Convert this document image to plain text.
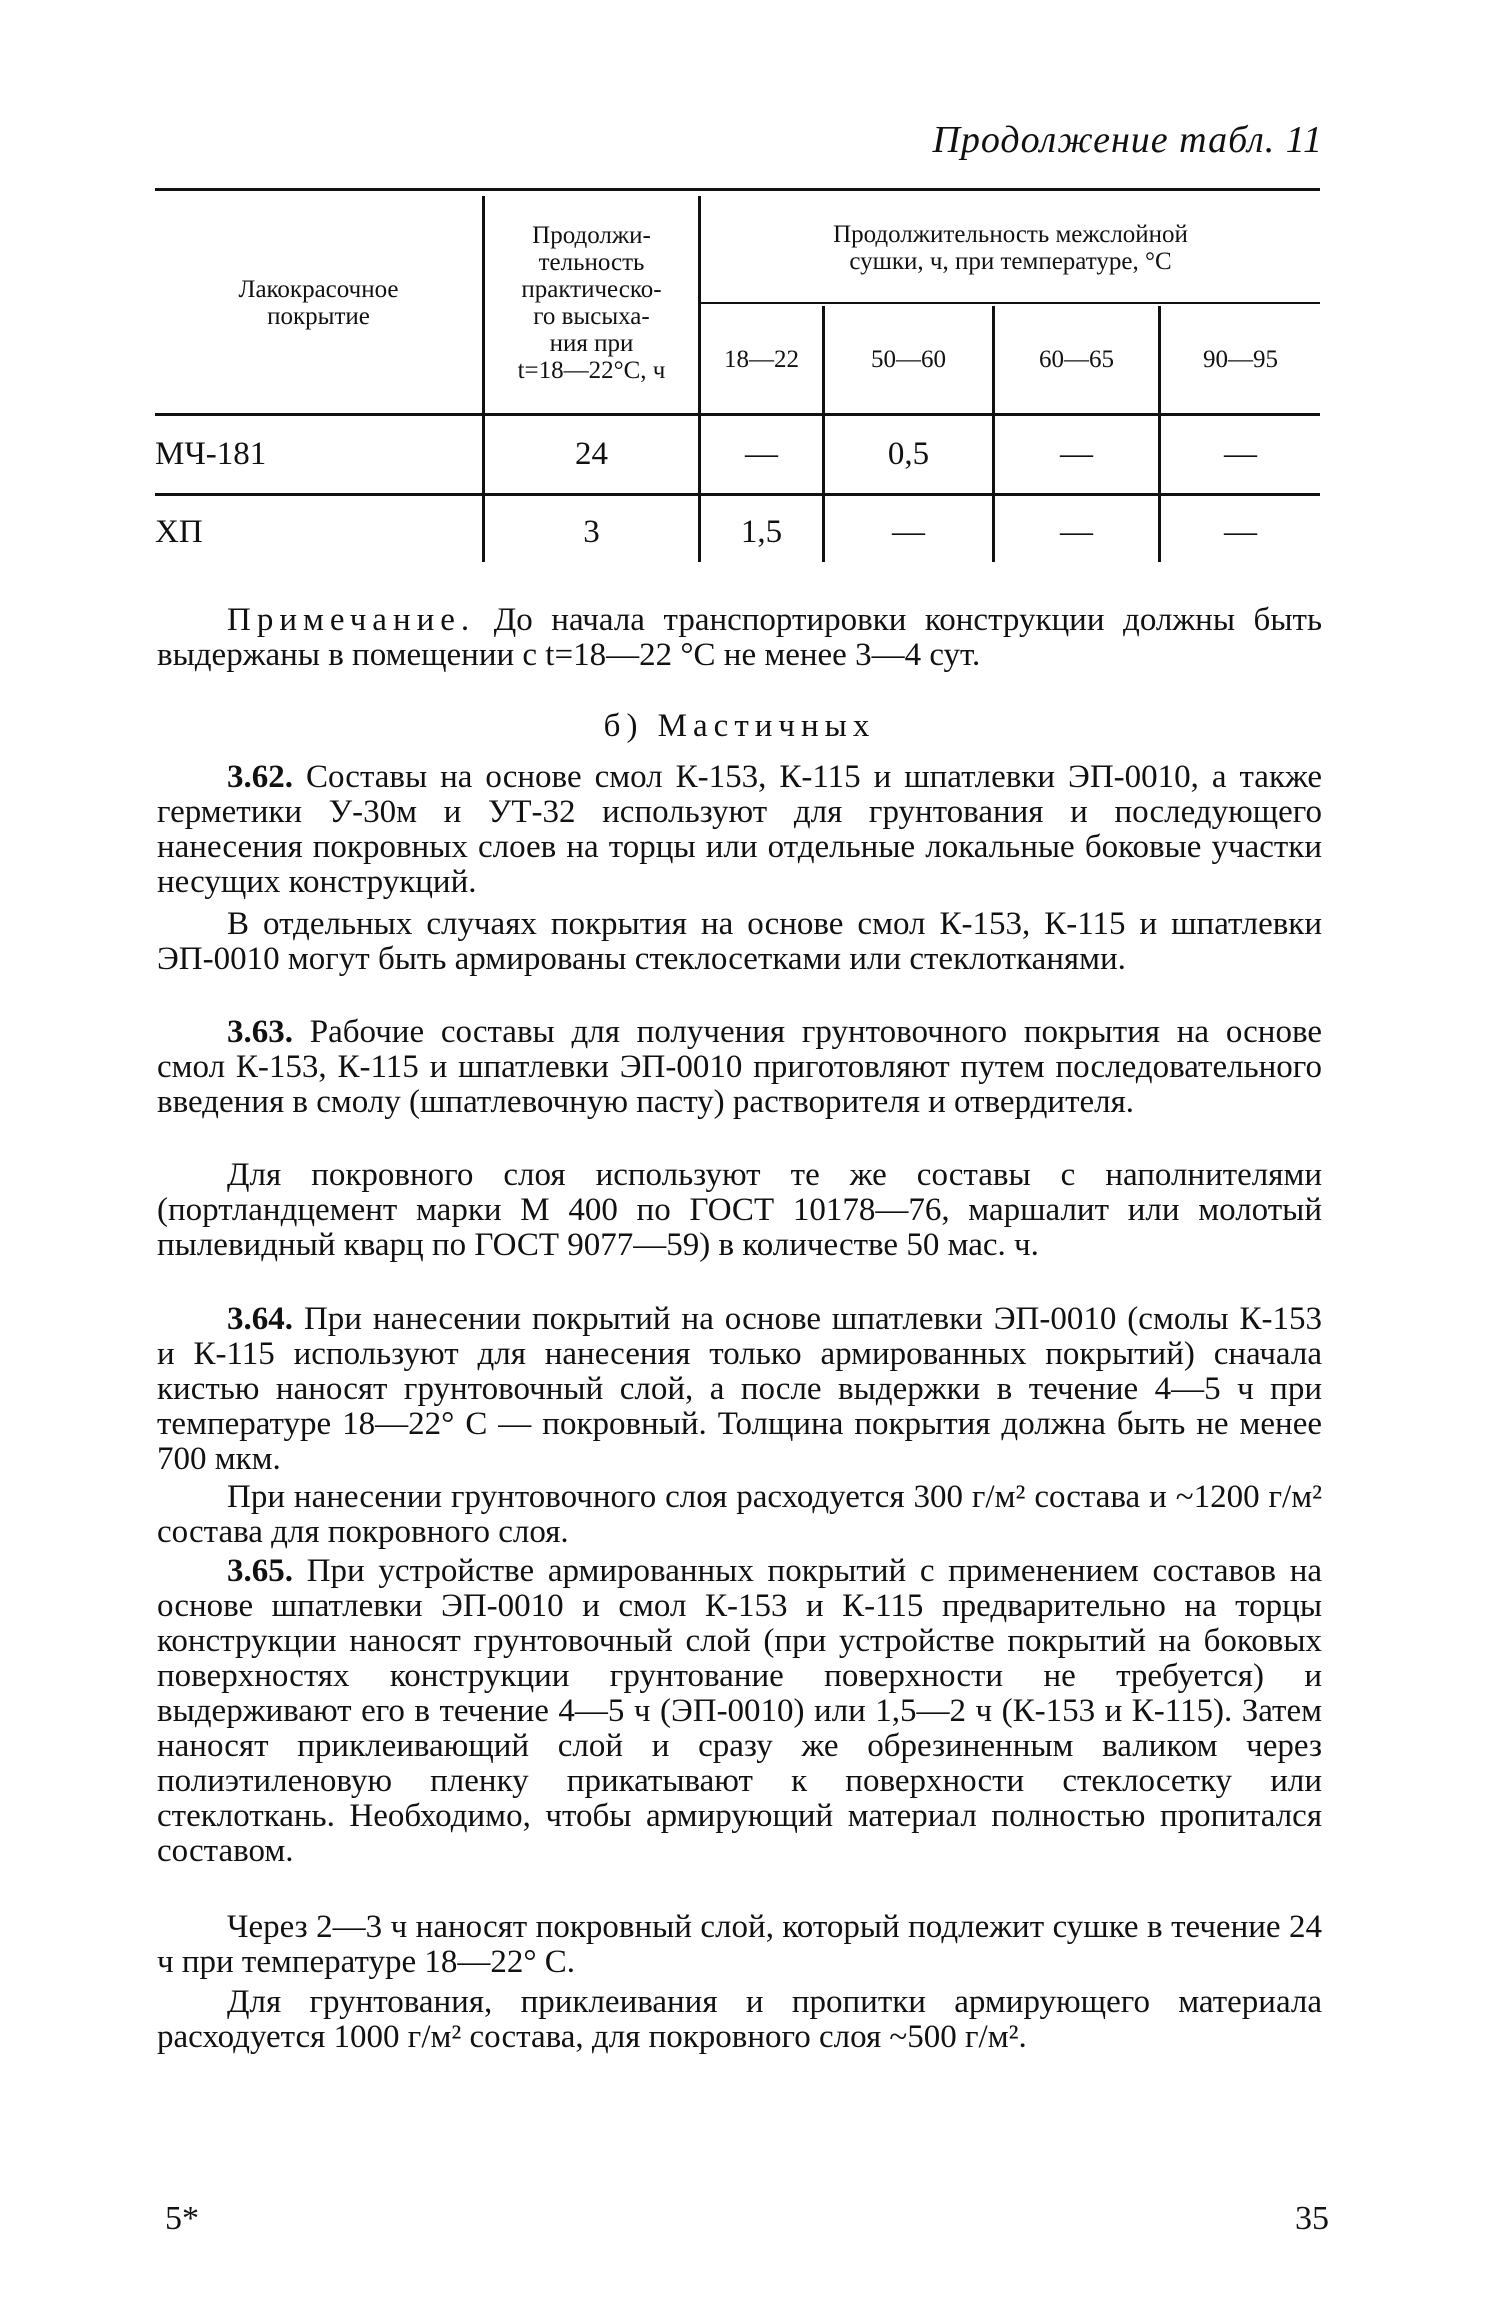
Продолжение табл. 11
Лакокрасочное
покрытие
Продолжи-
тельность
практическо-
го высыха-
ния при
t=18—22°C, ч
Продолжительность межслойной
сушки, ч, при температуре, °С
18—22	50—60	60—65	90—95
МЧ-181	24	—	0,5	—	—
ХП	3	1,5	—	—	—
Примечание. До начала транспортировки конструкции должны быть выдержаны в помещении с t=18—22 °С не менее 3—4 сут.
б) Мастичных
3.62. Составы на основе смол К-153, К-115 и шпатлевки ЭП-0010, а также герметики У-30м и УТ-32 используют для грунтования и последующего нанесения покровных слоев на торцы или отдельные локальные боковые участки несущих конструкций.
В отдельных случаях покрытия на основе смол К-153, К-115 и шпатлевки ЭП-0010 могут быть армированы стеклосетками или стеклотканями.
3.63. Рабочие составы для получения грунтовочного покрытия на основе смол К-153, К-115 и шпатлевки ЭП-0010 приготовляют путем последовательного введения в смолу (шпатлевочную пасту) растворителя и отвердителя.
Для покровного слоя используют те же составы с наполнителями (портландцемент марки М 400 по ГОСТ 10178—76, маршалит или молотый пылевидный кварц по ГОСТ 9077—59) в количестве 50 мас. ч.
3.64. При нанесении покрытий на основе шпатлевки ЭП-0010 (смолы К-153 и К-115 используют для нанесения только армированных покрытий) сначала кистью наносят грунтовочный слой, а после выдержки в течение 4—5 ч при температуре 18—22° С — покровный. Толщина покрытия должна быть не менее 700 мкм.
При нанесении грунтовочного слоя расходуется 300 г/м² состава и ~1200 г/м² состава для покровного слоя.
3.65. При устройстве армированных покрытий с применением составов на основе шпатлевки ЭП-0010 и смол К-153 и К-115 предварительно на торцы конструкции наносят грунтовочный слой (при устройстве покрытий на боковых поверхностях конструкции грунтование поверхности не требуется) и выдерживают его в течение 4—5 ч (ЭП-0010) или 1,5—2 ч (К-153 и К-115). Затем наносят приклеивающий слой и сразу же обрезиненным валиком через полиэтиленовую пленку прикатывают к поверхности стеклосетку или стеклоткань. Необходимо, чтобы армирующий материал полностью пропитался составом.
Через 2—3 ч наносят покровный слой, который подлежит сушке в течение 24 ч при температуре 18—22° С.
Для грунтования, приклеивания и пропитки армирующего материала расходуется 1000 г/м² состава, для покровного слоя ~500 г/м².
5*	35
